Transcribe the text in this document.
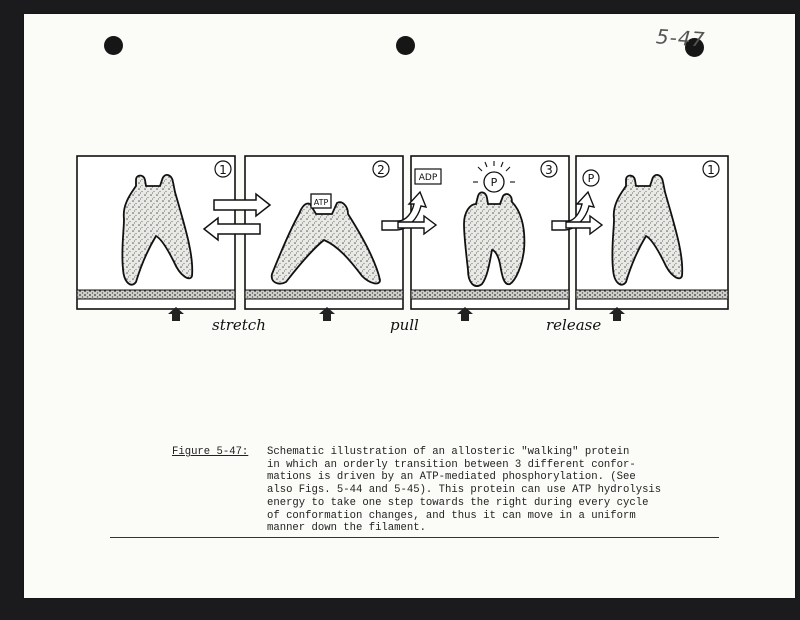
5-47
1	2	3	1
ATP
ADP	P	P
stretch	pull	release
Figure 5-47: Schematic illustration of an allosteric "walking" protein
in which an orderly transition between 3 different confor-
mations is driven by an ATP-mediated phosphorylation. (See
also Figs. 5-44 and 5-45). This protein can use ATP hydrolysis
energy to take one step towards the right during every cycle
of conformation changes, and thus it can move in a uniform
manner down the filament.
